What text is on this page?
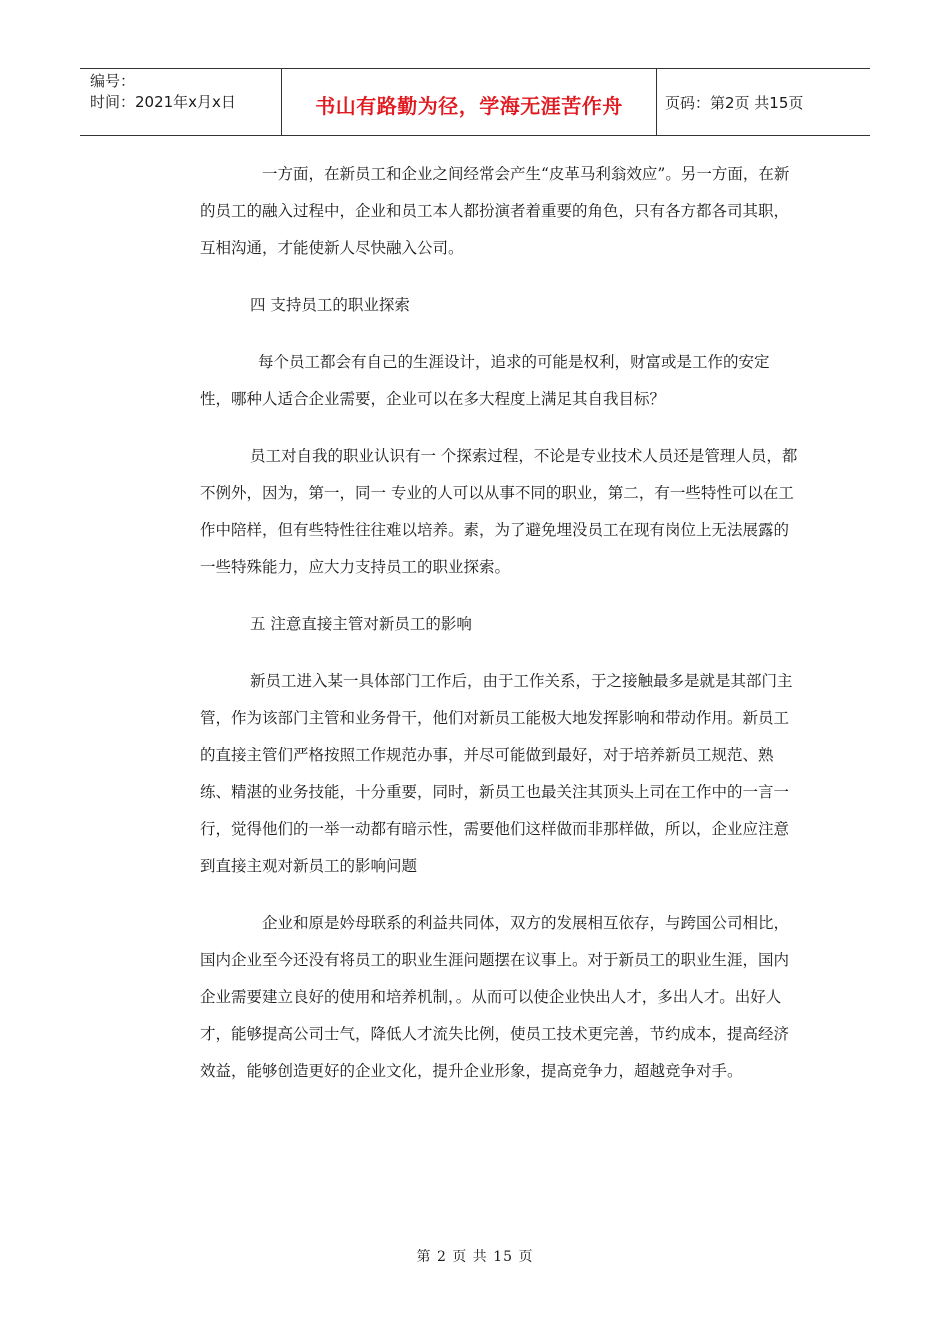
编号：
时间：2021年x月x日	书山有路勤为径，学海无涯苦作舟	页码：第2页 共15页

一方面，在新员工和企业之间经常会产生“皮革马利翁效应”。另一方面，在新的员工的融入过程中，企业和员工本人都扮演者着重要的角色，只有各方都各司其职，互相沟通，才能使新人尽快融入公司。

四 支持员工的职业探索

每个员工都会有自己的生涯设计，追求的可能是权利，财富或是工作的安定性，哪种人适合企业需要，企业可以在多大程度上满足其自我目标？

员工对自我的职业认识有一 个探索过程，不论是专业技术人员还是管理人员，都不例外，因为，第一，同一 专业的人可以从事不同的职业，第二，有一些特性可以在工作中陪样，但有些特性往往难以培养。素，为了避免埋没员工在现有岗位上无法展露的一些特殊能力，应大力支持员工的职业探索。

五 注意直接主管对新员工的影响

新员工进入某一具体部门工作后，由于工作关系，于之接触最多是就是其部门主管，作为该部门主管和业务骨干，他们对新员工能极大地发挥影响和带动作用。新员工的直接主管们严格按照工作规范办事，并尽可能做到最好，对于培养新员工规范、熟练、精湛的业务技能，十分重要，同时，新员工也最关注其顶头上司在工作中的一言一行，觉得他们的一举一动都有暗示性，需要他们这样做而非那样做，所以，企业应注意到直接主观对新员工的影响问题

企业和原是妗母联系的利益共同体，双方的发展相互依存，与跨国公司相比，国内企业至今还没有将员工的职业生涯问题摆在议事上。对于新员工的职业生涯，国内企业需要建立良好的使用和培养机制，。从而可以使企业快出人才，多出人才。出好人才，能够提高公司士气，降低人才流失比例，使员工技术更完善，节约成本，提高经济效益，能够创造更好的企业文化，提升企业形象，提高竞争力，超越竞争对手。

第 2 页 共 15 页
